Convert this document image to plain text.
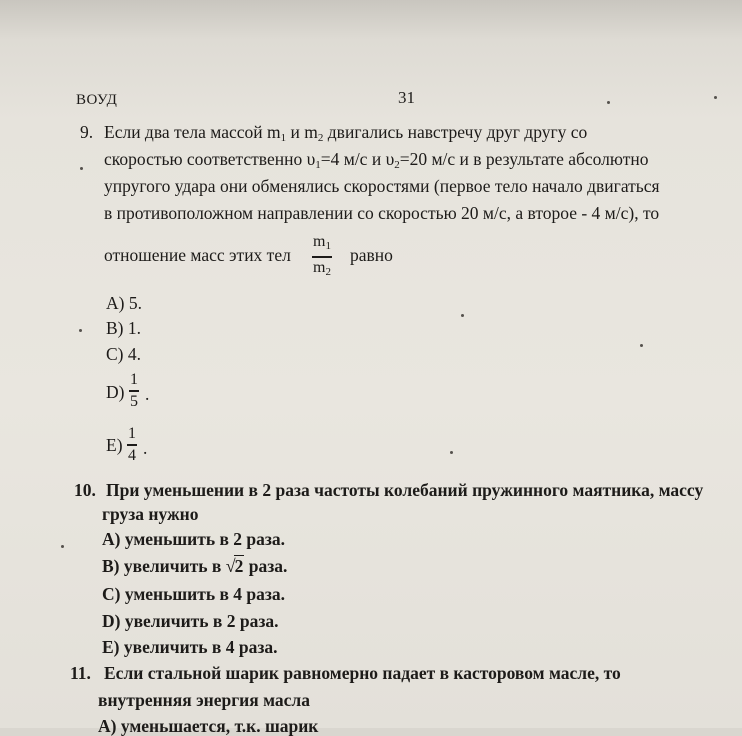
ВОУД	31
9. Если два тела массой $m_1$ и $m_2$ двигались навстречу друг другу со
скоростью соответственно $\upsilon_1=4$ м/с и $\upsilon_2=20$ м/с и в результате абсолютно
упругого удара они обменялись скоростями (первое тело начало двигаться
в противоположном направлении со скоростью 20 м/с, а второе - 4 м/с), то
отношение масс этих тел
$m_1$
$m_2$
равно
A) 5.
B) 1.
C) 4.
D)
1
5 .
E)
1
4 .
10. При уменьшении в 2 раза частоты колебаний пружинного маятника, массу
груза нужно
A) уменьшить в 2 раза.
B) увеличить в √2 раза.
C) уменьшить в 4 раза.
D) увеличить в 2 раза.
E) увеличить в 4 раза.
11. Если стальной шарик равномерно падает в касторовом масле, то
внутренняя энергия масла
A) уменьшается, т.к. шарик
